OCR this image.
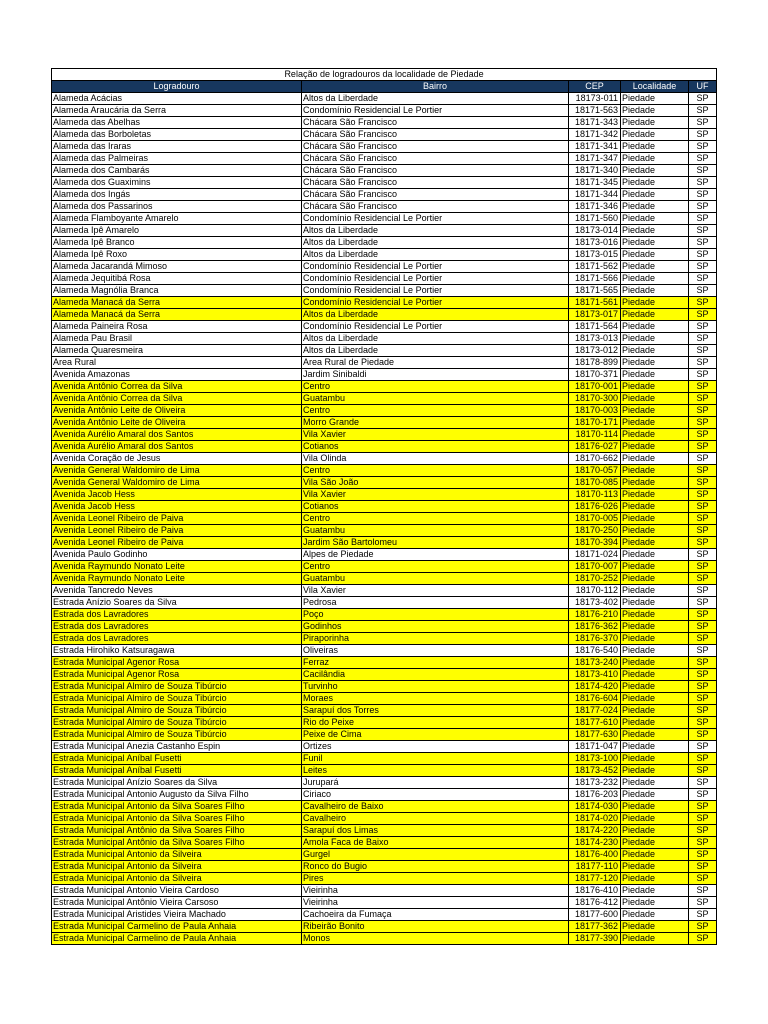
Relação de logradouros da localidade de Piedade				
Logradouro	Bairro	CEP	Localidade	UF
Alameda Acácias	Altos da Liberdade	18173-011	Piedade	SP
Alameda Araucária da Serra	Condomínio Residencial Le Portier	18171-563	Piedade	SP
Alameda das Abelhas	Chácara São Francisco	18171-343	Piedade	SP
Alameda das Borboletas	Chácara São Francisco	18171-342	Piedade	SP
Alameda das Iraras	Chácara São Francisco	18171-341	Piedade	SP
Alameda das Palmeiras	Chácara São Francisco	18171-347	Piedade	SP
Alameda dos Cambarás	Chácara São Francisco	18171-340	Piedade	SP
Alameda dos Guaximins	Chácara São Francisco	18171-345	Piedade	SP
Alameda dos Ingás	Chácara São Francisco	18171-344	Piedade	SP
Alameda dos Passarinos	Chácara São Francisco	18171-346	Piedade	SP
Alameda Flamboyante Amarelo	Condomínio Residencial Le Portier	18171-560	Piedade	SP
Alameda Ipê Amarelo	Altos da Liberdade	18173-014	Piedade	SP
Alameda Ipê Branco	Altos da Liberdade	18173-016	Piedade	SP
Alameda Ipê Roxo	Altos da Liberdade	18173-015	Piedade	SP
Alameda Jacarandá Mimoso	Condomínio Residencial Le Portier	18171-562	Piedade	SP
Alameda Jequitibá Rosa	Condomínio Residencial Le Portier	18171-566	Piedade	SP
Alameda Magnólia Branca	Condomínio Residencial Le Portier	18171-565	Piedade	SP
Alameda Manacá da Serra	Condomínio Residencial Le Portier	18171-561	Piedade	SP
Alameda Manacá da Serra	Altos da Liberdade	18173-017	Piedade	SP
Alameda Paineira Rosa	Condomínio Residencial Le Portier	18171-564	Piedade	SP
Alameda Pau Brasil	Altos da Liberdade	18173-013	Piedade	SP
Alameda Quaresmeira	Altos da Liberdade	18173-012	Piedade	SP
Area Rural	Area Rural de Piedade	18178-899	Piedade	SP
Avenida Amazonas	Jardim Sinibaldi	18170-371	Piedade	SP
Avenida Antônio Correa da Silva	Centro	18170-001	Piedade	SP
Avenida Antônio Correa da Silva	Guatambu	18170-300	Piedade	SP
Avenida Antônio Leite de Oliveira	Centro	18170-003	Piedade	SP
Avenida Antônio Leite de Oliveira	Morro Grande	18170-171	Piedade	SP
Avenida Aurélio Amaral dos Santos	Vila Xavier	18170-114	Piedade	SP
Avenida Aurélio Amaral dos Santos	Cotianos	18176-027	Piedade	SP
Avenida Coração de Jesus	Vila Olinda	18170-662	Piedade	SP
Avenida General Waldomiro de Lima	Centro	18170-057	Piedade	SP
Avenida General Waldomiro de Lima	Vila São João	18170-085	Piedade	SP
Avenida Jacob Hess	Vila Xavier	18170-113	Piedade	SP
Avenida Jacob Hess	Cotianos	18176-026	Piedade	SP
Avenida Leonel Ribeiro de Paiva	Centro	18170-005	Piedade	SP
Avenida Leonel Ribeiro de Paiva	Guatambu	18170-250	Piedade	SP
Avenida Leonel Ribeiro de Paiva	Jardim São Bartolomeu	18170-394	Piedade	SP
Avenida Paulo Godinho	Alpes de Piedade	18171-024	Piedade	SP
Avenida Raymundo Nonato Leite	Centro	18170-007	Piedade	SP
Avenida Raymundo Nonato Leite	Guatambu	18170-252	Piedade	SP
Avenida Tancredo Neves	Vila Xavier	18170-112	Piedade	SP
Estrada Anízio Soares da Silva	Pedrosa	18173-402	Piedade	SP
Estrada dos Lavradores	Poço	18176-210	Piedade	SP
Estrada dos Lavradores	Godinhos	18176-362	Piedade	SP
Estrada dos Lavradores	Piraporinha	18176-370	Piedade	SP
Estrada Hirohiko Katsuragawa	Oliveiras	18176-540	Piedade	SP
Estrada Municipal Agenor Rosa	Ferraz	18173-240	Piedade	SP
Estrada Municipal Agenor Rosa	Cacilândia	18173-410	Piedade	SP
Estrada Municipal Almiro de Souza Tibúrcio	Turvinho	18174-420	Piedade	SP
Estrada Municipal Almiro de Souza Tibúrcio	Moraes	18176-604	Piedade	SP
Estrada Municipal Almiro de Souza Tibúrcio	Sarapuí dos Torres	18177-024	Piedade	SP
Estrada Municipal Almiro de Souza Tibúrcio	Rio do Peixe	18177-610	Piedade	SP
Estrada Municipal Almiro de Souza Tibúrcio	Peixe de Cima	18177-630	Piedade	SP
Estrada Municipal Anezia Castanho Espin	Ortizes	18171-047	Piedade	SP
Estrada Municipal Aníbal Fusetti	Funil	18173-100	Piedade	SP
Estrada Municipal Aníbal Fusetti	Leites	18173-452	Piedade	SP
Estrada Municipal Anízio Soares da Silva	Jurupará	18173-232	Piedade	SP
Estrada Municipal Antonio Augusto da Silva Filho	Ciriaco	18176-203	Piedade	SP
Estrada Municipal Antonio da Silva Soares Filho	Cavalheiro de Baixo	18174-030	Piedade	SP
Estrada Municipal Antonio da Silva Soares Filho	Cavalheiro	18174-020	Piedade	SP
Estrada Municipal Antônio da Silva Soares Filho	Sarapuí dos Limas	18174-220	Piedade	SP
Estrada Municipal Antônio da Silva Soares Filho	Amola Faca de Baixo	18174-230	Piedade	SP
Estrada Municipal Antonio da Silveira	Gurgel	18176-400	Piedade	SP
Estrada Municipal Antonio da Silveira	Ronco do Bugio	18177-110	Piedade	SP
Estrada Municipal Antonio da Silveira	Pires	18177-120	Piedade	SP
Estrada Municipal Antonio Vieira Cardoso	Vieirinha	18176-410	Piedade	SP
Estrada Municipal Antônio Vieira Carsoso	Vieirinha	18176-412	Piedade	SP
Estrada Municipal Aristides Vieira Machado	Cachoeira da Fumaça	18177-600	Piedade	SP
Estrada Municipal Carmelino de Paula Anhaia	Ribeirão Bonito	18177-362	Piedade	SP
Estrada Municipal Carmelino de Paula Anhaia	Monos	18177-390	Piedade	SP
